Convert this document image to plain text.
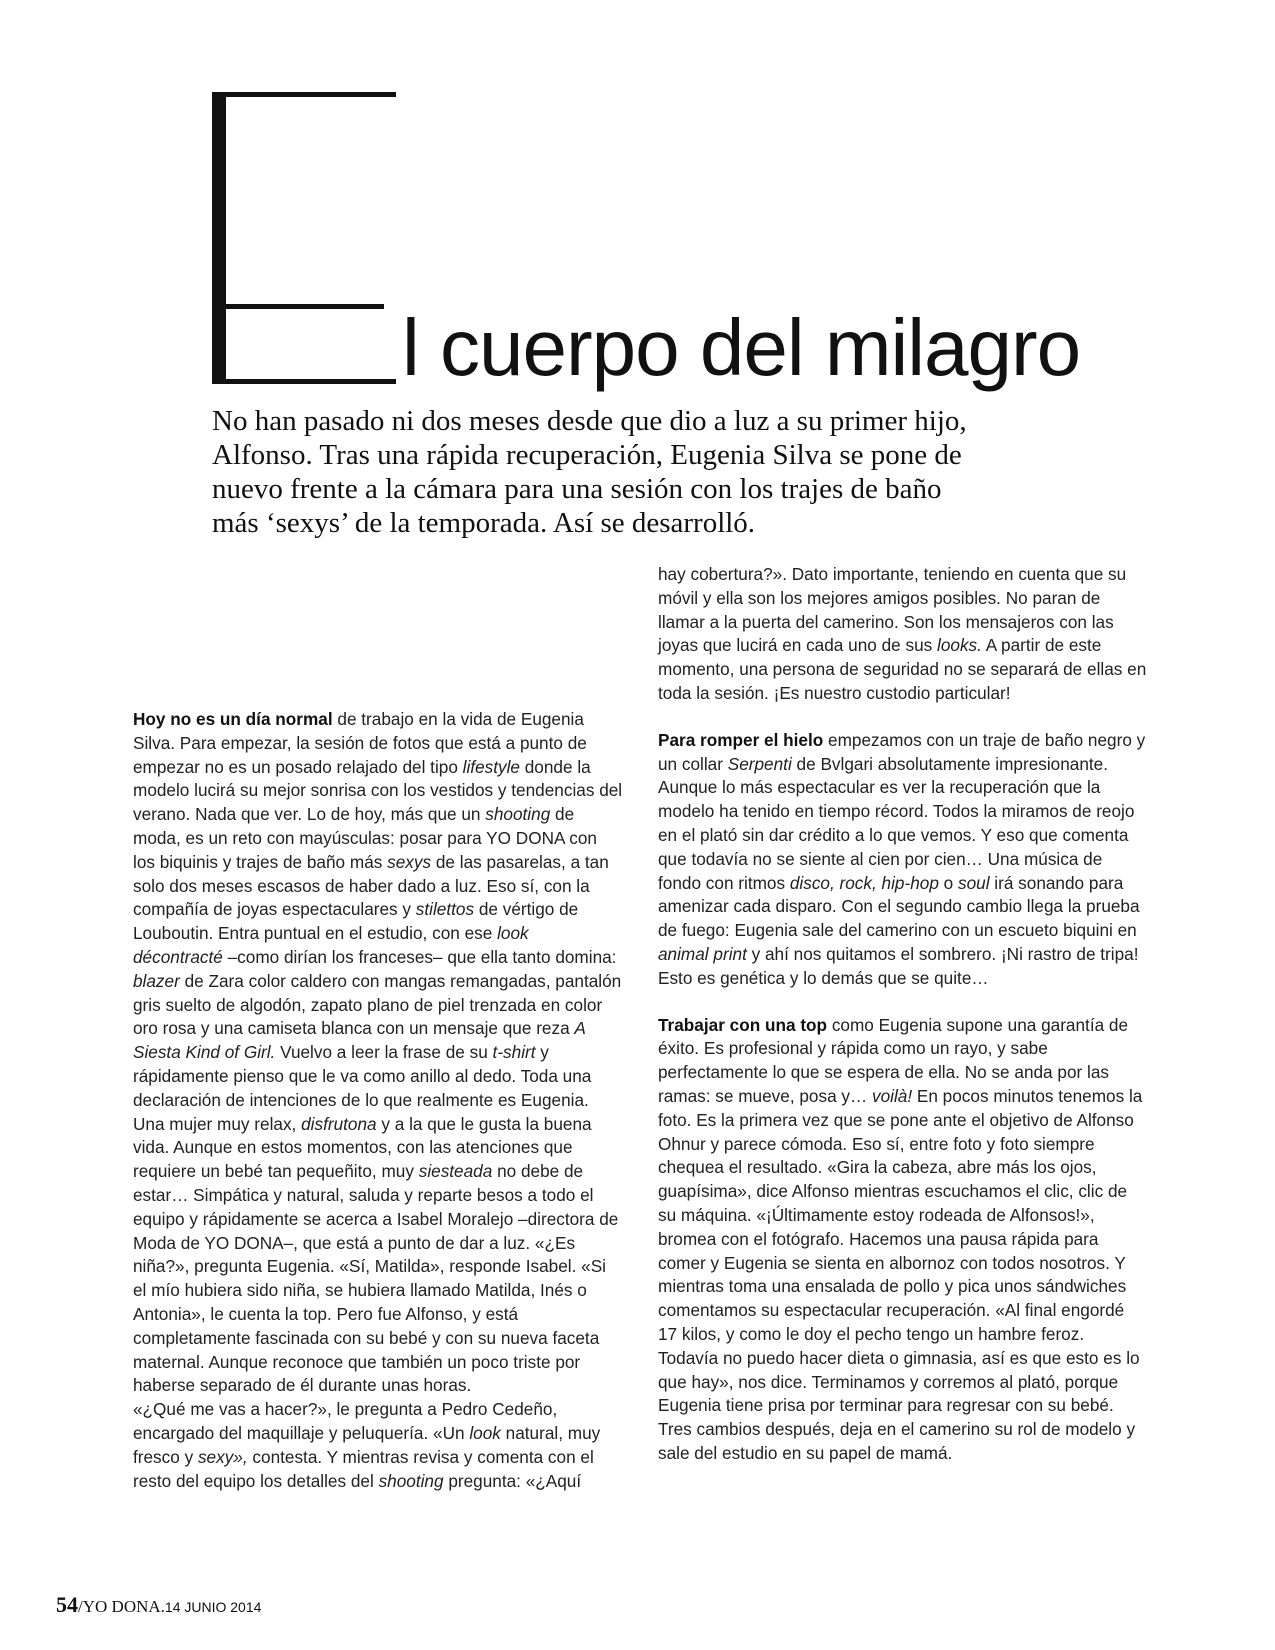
l cuerpo del milagro
No han pasado ni dos meses desde que dio a luz a su primer hijo, Alfonso. Tras una rápida recuperación, Eugenia Silva se pone de nuevo frente a la cámara para una sesión con los trajes de baño más ‘sexys’ de la temporada. Así se desarrolló.

Hoy no es un día normal de trabajo en la vida de Eugenia Silva. Para empezar, la sesión de fotos que está a punto de empezar no es un posado relajado del tipo lifestyle donde la modelo lucirá su mejor sonrisa con los vestidos y tendencias del verano. Nada que ver. Lo de hoy, más que un shooting de moda, es un reto con mayúsculas: posar para YO DONA con los biquinis y trajes de baño más sexys de las pasarelas, a tan solo dos meses escasos de haber dado a luz. Eso sí, con la compañía de joyas espectaculares y stilettos de vértigo de Louboutin. Entra puntual en el estudio, con ese look décontracté –como dirían los franceses– que ella tanto domina: blazer de Zara color caldero con mangas remangadas, pantalón gris suelto de algodón, zapato plano de piel trenzada en color oro rosa y una camiseta blanca con un mensaje que reza A Siesta Kind of Girl. Vuelvo a leer la frase de su t-shirt y rápidamente pienso que le va como anillo al dedo. Toda una declaración de intenciones de lo que realmente es Eugenia. Una mujer muy relax, disfrutona y a la que le gusta la buena vida. Aunque en estos momentos, con las atenciones que requiere un bebé tan pequeñito, muy siesteada no debe de estar… Simpática y natural, saluda y reparte besos a todo el equipo y rápidamente se acerca a Isabel Moralejo –directora de Moda de YO DONA–, que está a punto de dar a luz. «¿Es niña?», pregunta Eugenia. «Sí, Matilda», responde Isabel. «Si el mío hubiera sido niña, se hubiera llamado Matilda, Inés o Antonia», le cuenta la top. Pero fue Alfonso, y está completamente fascinada con su bebé y con su nueva faceta maternal. Aunque reconoce que también un poco triste por haberse separado de él durante unas horas.

«¿Qué me vas a hacer?», le pregunta a Pedro Cedeño, encargado del maquillaje y peluquería. «Un look natural, muy fresco y sexy», contesta. Y mientras revisa y comenta con el resto del equipo los detalles del shooting pregunta: «¿Aquí

hay cobertura?». Dato importante, teniendo en cuenta que su móvil y ella son los mejores amigos posibles. No paran de llamar a la puerta del camerino. Son los mensajeros con las joyas que lucirá en cada uno de sus looks. A partir de este momento, una persona de seguridad no se separará de ellas en toda la sesión. ¡Es nuestro custodio particular!

Para romper el hielo empezamos con un traje de baño negro y un collar Serpenti de Bvlgari absolutamente impresionante. Aunque lo más espectacular es ver la recuperación que la modelo ha tenido en tiempo récord. Todos la miramos de reojo en el plató sin dar crédito a lo que vemos. Y eso que comenta que todavía no se siente al cien por cien… Una música de fondo con ritmos disco, rock, hip-hop o soul irá sonando para amenizar cada disparo. Con el segundo cambio llega la prueba de fuego: Eugenia sale del camerino con un escueto biquini en animal print y ahí nos quitamos el sombrero. ¡Ni rastro de tripa! Esto es genética y lo demás que se quite…

Trabajar con una top como Eugenia supone una garantía de éxito. Es profesional y rápida como un rayo, y sabe perfectamente lo que se espera de ella. No se anda por las ramas: se mueve, posa y… voilà! En pocos minutos tenemos la foto. Es la primera vez que se pone ante el objetivo de Alfonso Ohnur y parece cómoda. Eso sí, entre foto y foto siempre chequea el resultado. «Gira la cabeza, abre más los ojos, guapísima», dice Alfonso mientras escuchamos el clic, clic de su máquina. «¡Últimamente estoy rodeada de Alfonsos!», bromea con el fotógrafo. Hacemos una pausa rápida para comer y Eugenia se sienta en albornoz con todos nosotros. Y mientras toma una ensalada de pollo y pica unos sándwiches comentamos su espectacular recuperación. «Al final engordé 17 kilos, y como le doy el pecho tengo un hambre feroz. Todavía no puedo hacer dieta o gimnasia, así es que esto es lo que hay», nos dice. Terminamos y corremos al plató, porque Eugenia tiene prisa por terminar para regresar con su bebé. Tres cambios después, deja en el camerino su rol de modelo y sale del estudio en su papel de mamá.

54/YO DONA.14 JUNIO 2014
